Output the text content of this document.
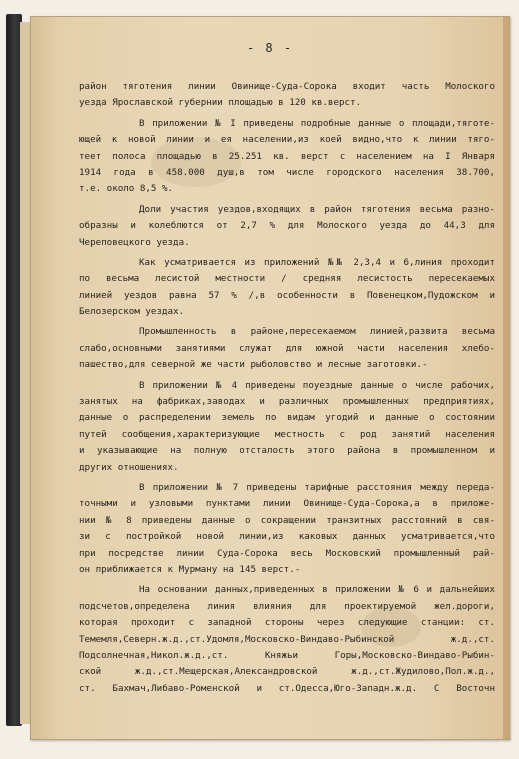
- 8 -
район тяготения линии Овинище-Суда-Сорока входит часть Молоского
уезда Ярославской губернии площадью в 120 кв.верст.
В приложении № I приведены подробные данные о площади,тяготе-
ющей к новой линии и ея населении,из коей видно,что к линии тяго-
теет полоса площадью в 25.251 кв. верст с населением на I Января
1914 года в 458.000 душ,в том числе городского населения 38.700,
т.е. около 8,5 %.
Доли участия уездов,входящих в район тяготения весьма разно-
образны и колеблются от 2,7 % для Молоского уезда до 44,3 для
Череповецкого уезда.
Как усматривается из приложений №№ 2,3,4 и 6,линия проходит
по весьма лесистой местности / средняя лесистость пересекаемых
линией уездов равна 57 % /,в особенности в Повенецком,Пудожском и
Белозерском уездах.
Промышленность в районе,пересекаемом линией,развита весьма
слабо,основными занятиями служат для южной части населения хлебо-
пашество,для северной же части рыболовство и лесные заготовки.-
В приложении № 4 приведены поуездные данные о числе рабочих,
занятых на фабриках,заводах и различных промышленных предприятиях,
данные о распределении земель по видам угодий и данные о состоянии
путей сообщения,характеризующие местность с род занятий населения
и указывающие на полную отсталость этого района в промышленном и
других отношениях.
В приложении № 7 приведены тарифные расстояния между переда-
точными и узловыми пунктами линии Овинище-Суда-Сорока,а в приложе-
нии № 8 приведены данные о сокращении транзитных расстояний в свя-
зи с постройкой новой линии,из каковых данных усматривается,что
при посредстве линии Суда-Сорока весь Московский промышленный рай-
он приближается к Мурману на 145 верст.-
На основании данных,приведенных в приложении № 6 и дальнейших
подсчетов,определена линия влияния для проектируемой жел.дороги,
которая проходит с западной стороны через следующие станции: ст.
Темемля,Северн.ж.д.,ст.Удомля,Московско-Виндаво-Рыбинской ж.д.,ст.
Подсолнечная,Никол.ж.д.,ст. Княжьи Горы,Московско-Виндаво-Рыбин-
ской ж.д.,ст.Мещерская,Александровской ж.д.,ст.Жудилово,Пол.ж.д.,
ст. Бахмач,Либаво-Роменской и ст.Одесса,Юго-Западн.ж.д. С Восточн
